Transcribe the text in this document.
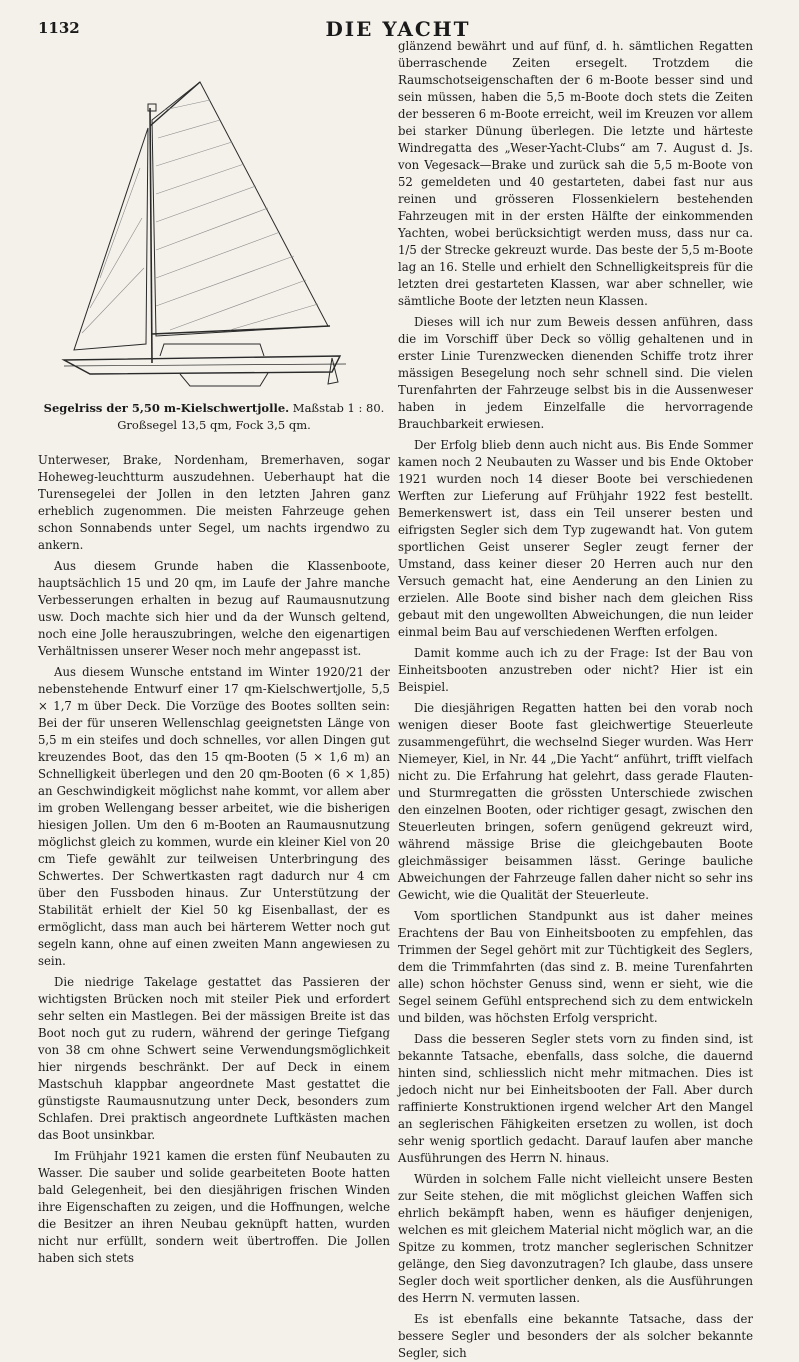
1132	DIE YACHT
Segelriss der 5,50 m-Kielschwertjolle. Maßstab 1 : 80.
Großsegel 13,5 qm, Fock 3,5 qm.

Unterweser, Brake, Nordenham, Bremerhaven, sogar Hoheweg-leuchtturm auszudehnen. Ueberhaupt hat die Turensegelei der Jollen in den letzten Jahren ganz erheblich zugenommen. Die meisten Fahrzeuge gehen schon Sonnabends unter Segel, um nachts irgendwo zu ankern.

Aus diesem Grunde haben die Klassenboote, hauptsächlich 15 und 20 qm, im Laufe der Jahre manche Verbesserungen erhalten in bezug auf Raumausnutzung usw. Doch machte sich hier und da der Wunsch geltend, noch eine Jolle herauszubringen, welche den eigenartigen Verhältnissen unserer Weser noch mehr angepasst ist.

Aus diesem Wunsche entstand im Winter 1920/21 der nebenstehende Entwurf einer 17 qm-Kielschwertjolle, 5,5 × 1,7 m über Deck. Die Vorzüge des Bootes sollten sein: Bei der für unseren Wellenschlag geeignetsten Länge von 5,5 m ein steifes und doch schnelles, vor allen Dingen gut kreuzendes Boot, das den 15 qm-Booten (5 × 1,6 m) an Schnelligkeit überlegen und den 20 qm-Booten (6 × 1,85) an Geschwindigkeit möglichst nahe kommt, vor allem aber im groben Wellengang besser arbeitet, wie die bisherigen hiesigen Jollen. Um den 6 m-Booten an Raumausnutzung möglichst gleich zu kommen, wurde ein kleiner Kiel von 20 cm Tiefe gewählt zur teilweisen Unterbringung des Schwertes. Der Schwertkasten ragt dadurch nur 4 cm über den Fussboden hinaus. Zur Unterstützung der Stabilität erhielt der Kiel 50 kg Eisenballast, der es ermöglicht, dass man auch bei härterem Wetter noch gut segeln kann, ohne auf einen zweiten Mann angewiesen zu sein.

Die niedrige Takelage gestattet das Passieren der wichtigsten Brücken noch mit steiler Piek und erfordert sehr selten ein Mastlegen. Bei der mässigen Breite ist das Boot noch gut zu rudern, während der geringe Tiefgang von 38 cm ohne Schwert seine Verwendungsmöglichkeit hier nirgends beschränkt. Der auf Deck in einem Mastschuh klappbar angeordnete Mast gestattet die günstigste Raumausnutzung unter Deck, besonders zum Schlafen. Drei praktisch angeordnete Luftkästen machen das Boot unsinkbar.

Im Frühjahr 1921 kamen die ersten fünf Neubauten zu Wasser. Die sauber und solide gearbeiteten Boote hatten bald Gelegenheit, bei den diesjährigen frischen Winden ihre Eigenschaften zu zeigen, und die Hoffnungen, welche die Besitzer an ihren Neubau geknüpft hatten, wurden nicht nur erfüllt, sondern weit übertroffen. Die Jollen haben sich stets

glänzend bewährt und auf fünf, d. h. sämtlichen Regatten überraschende Zeiten ersegelt. Trotzdem die Raumschotseigenschaften der 6 m-Boote besser sind und sein müssen, haben die 5,5 m-Boote doch stets die Zeiten der besseren 6 m-Boote erreicht, weil im Kreuzen vor allem bei starker Dünung überlegen. Die letzte und härteste Windregatta des „Weser-Yacht-Clubs“ am 7. August d. Js. von Vegesack—Brake und zurück sah die 5,5 m-Boote von 52 gemeldeten und 40 gestarteten, dabei fast nur aus reinen und grösseren Flossenkielern bestehenden Fahrzeugen mit in der ersten Hälfte der einkommenden Yachten, wobei berücksichtigt werden muss, dass nur ca. 1/5 der Strecke gekreuzt wurde. Das beste der 5,5 m-Boote lag an 16. Stelle und erhielt den Schnelligkeitspreis für die letzten drei gestarteten Klassen, war aber schneller, wie sämtliche Boote der letzten neun Klassen.

Dieses will ich nur zum Beweis dessen anführen, dass die im Vorschiff über Deck so völlig gehaltenen und in erster Linie Turenzwecken dienenden Schiffe trotz ihrer mässigen Besegelung noch sehr schnell sind. Die vielen Turenfahrten der Fahrzeuge selbst bis in die Aussenweser haben in jedem Einzelfalle die hervorragende Brauchbarkeit erwiesen.

Der Erfolg blieb denn auch nicht aus. Bis Ende Sommer kamen noch 2 Neubauten zu Wasser und bis Ende Oktober 1921 wurden noch 14 dieser Boote bei verschiedenen Werften zur Lieferung auf Frühjahr 1922 fest bestellt. Bemerkenswert ist, dass ein Teil unserer besten und eifrigsten Segler sich dem Typ zugewandt hat. Von gutem sportlichen Geist unserer Segler zeugt ferner der Umstand, dass keiner dieser 20 Herren auch nur den Versuch gemacht hat, eine Aenderung an den Linien zu erzielen. Alle Boote sind bisher nach dem gleichen Riss gebaut mit den ungewollten Abweichungen, die nun leider einmal beim Bau auf verschiedenen Werften erfolgen.

Damit komme auch ich zu der Frage: Ist der Bau von Einheitsbooten anzustreben oder nicht? Hier ist ein Beispiel.

Die diesjährigen Regatten hatten bei den vorab noch wenigen dieser Boote fast gleichwertige Steuerleute zusammengeführt, die wechselnd Sieger wurden. Was Herr Niemeyer, Kiel, in Nr. 44 „Die Yacht“ anführt, trifft vielfach nicht zu. Die Erfahrung hat gelehrt, dass gerade Flauten- und Sturmregatten die grössten Unterschiede zwischen den einzelnen Booten, oder richtiger gesagt, zwischen den Steuerleuten bringen, sofern genügend gekreuzt wird, während mässige Brise die gleichgebauten Boote gleichmässiger beisammen lässt. Geringe bauliche Abweichungen der Fahrzeuge fallen daher nicht so sehr ins Gewicht, wie die Qualität der Steuerleute.

Vom sportlichen Standpunkt aus ist daher meines Erachtens der Bau von Einheitsbooten zu empfehlen, das Trimmen der Segel gehört mit zur Tüchtigkeit des Seglers, dem die Trimmfahrten (das sind z. B. meine Turenfahrten alle) schon höchster Genuss sind, wenn er sieht, wie die Segel seinem Gefühl entsprechend sich zu dem entwickeln und bilden, was höchsten Erfolg verspricht.

Dass die besseren Segler stets vorn zu finden sind, ist bekannte Tatsache, ebenfalls, dass solche, die dauernd hinten sind, schliesslich nicht mehr mitmachen. Dies ist jedoch nicht nur bei Einheitsbooten der Fall. Aber durch raffinierte Konstruktionen irgend welcher Art den Mangel an seglerischen Fähigkeiten ersetzen zu wollen, ist doch sehr wenig sportlich gedacht. Darauf laufen aber manche Ausführungen des Herrn N. hinaus.

Würden in solchem Falle nicht vielleicht unsere Besten zur Seite stehen, die mit möglichst gleichen Waffen sich ehrlich bekämpft haben, wenn es häufiger denjenigen, welchen es mit gleichem Material nicht möglich war, an die Spitze zu kommen, trotz mancher seglerischen Schnitzer gelänge, den Sieg davonzutragen? Ich glaube, dass unsere Segler doch weit sportlicher denken, als die Ausführungen des Herrn N. vermuten lassen.

Es ist ebenfalls eine bekannte Tatsache, dass der bessere Segler und besonders der als solcher bekannte Segler, sich
